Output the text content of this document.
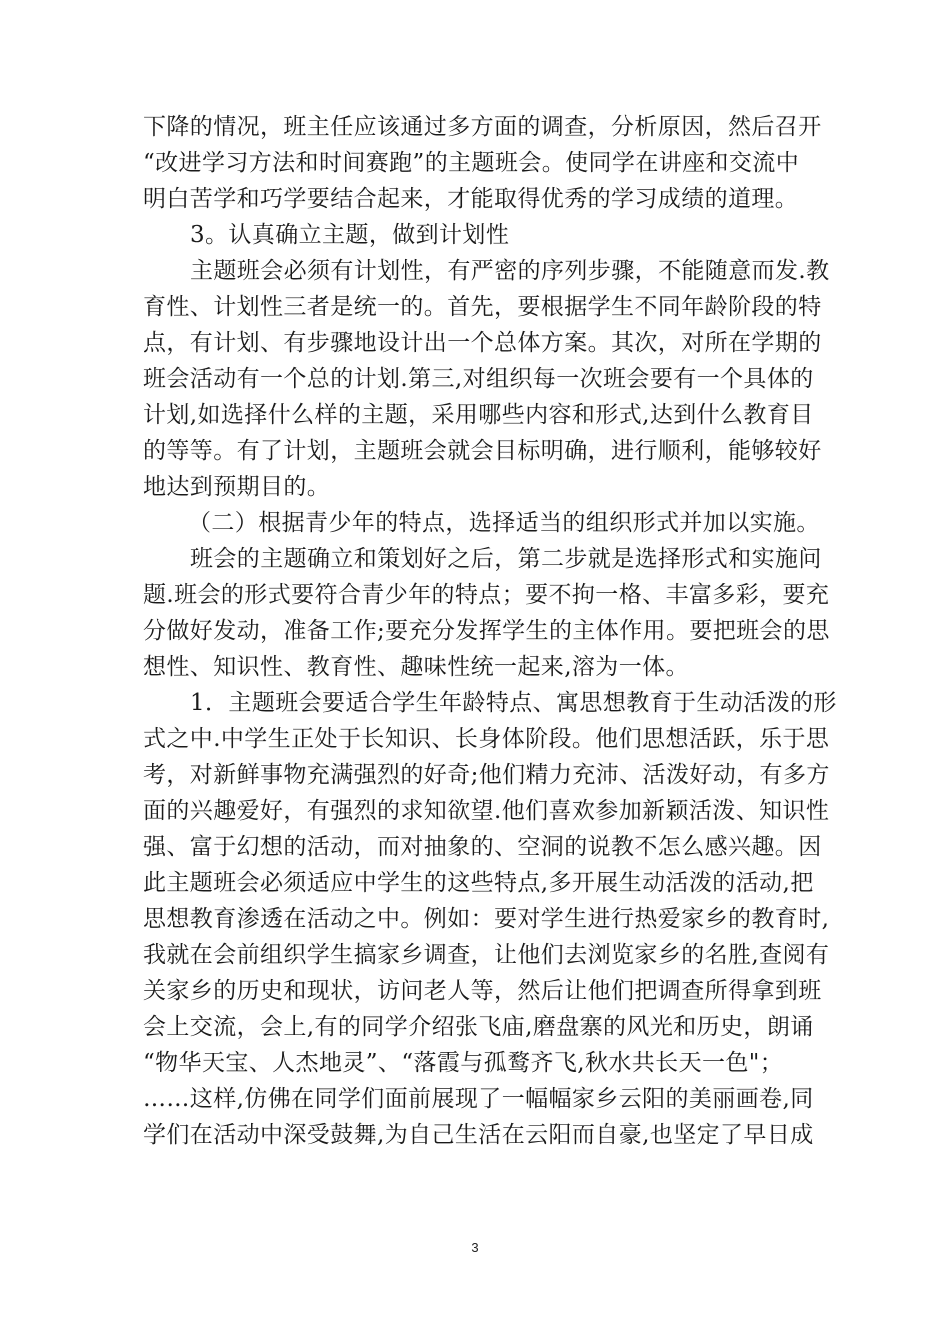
下降的情况，班主任应该通过多方面的调查，分析原因，然后召开
“改进学习方法和时间赛跑”的主题班会。使同学在讲座和交流中
明白苦学和巧学要结合起来，才能取得优秀的学习成绩的道理。
3。认真确立主题，做到计划性
主题班会必须有计划性，有严密的序列步骤，不能随意而发.教
育性、计划性三者是统一的。首先，要根据学生不同年龄阶段的特
点，有计划、有步骤地设计出一个总体方案。其次，对所在学期的
班会活动有一个总的计划.第三,对组织每一次班会要有一个具体的
计划,如选择什么样的主题，采用哪些内容和形式,达到什么教育目
的等等。有了计划，主题班会就会目标明确，进行顺利，能够较好
地达到预期目的。
（二）根据青少年的特点，选择适当的组织形式并加以实施。
班会的主题确立和策划好之后，第二步就是选择形式和实施问
题.班会的形式要符合青少年的特点；要不拘一格、丰富多彩，要充
分做好发动，准备工作;要充分发挥学生的主体作用。要把班会的思
想性、知识性、教育性、趣味性统一起来,溶为一体。
1．主题班会要适合学生年龄特点、寓思想教育于生动活泼的形
式之中.中学生正处于长知识、长身体阶段。他们思想活跃，乐于思
考，对新鲜事物充满强烈的好奇;他们精力充沛、活泼好动，有多方
面的兴趣爱好，有强烈的求知欲望.他们喜欢参加新颖活泼、知识性
强、富于幻想的活动，而对抽象的、空洞的说教不怎么感兴趣。因
此主题班会必须适应中学生的这些特点,多开展生动活泼的活动,把
思想教育渗透在活动之中。例如：要对学生进行热爱家乡的教育时,
我就在会前组织学生搞家乡调查，让他们去浏览家乡的名胜,查阅有
关家乡的历史和现状，访问老人等，然后让他们把调查所得拿到班
会上交流，会上,有的同学介绍张飞庙,磨盘寨的风光和历史，朗诵
“物华天宝、人杰地灵”、“落霞与孤鹜齐飞,秋水共长天一色"；
……这样,仿佛在同学们面前展现了一幅幅家乡云阳的美丽画卷,同
学们在活动中深受鼓舞,为自己生活在云阳而自豪,也坚定了早日成
3
